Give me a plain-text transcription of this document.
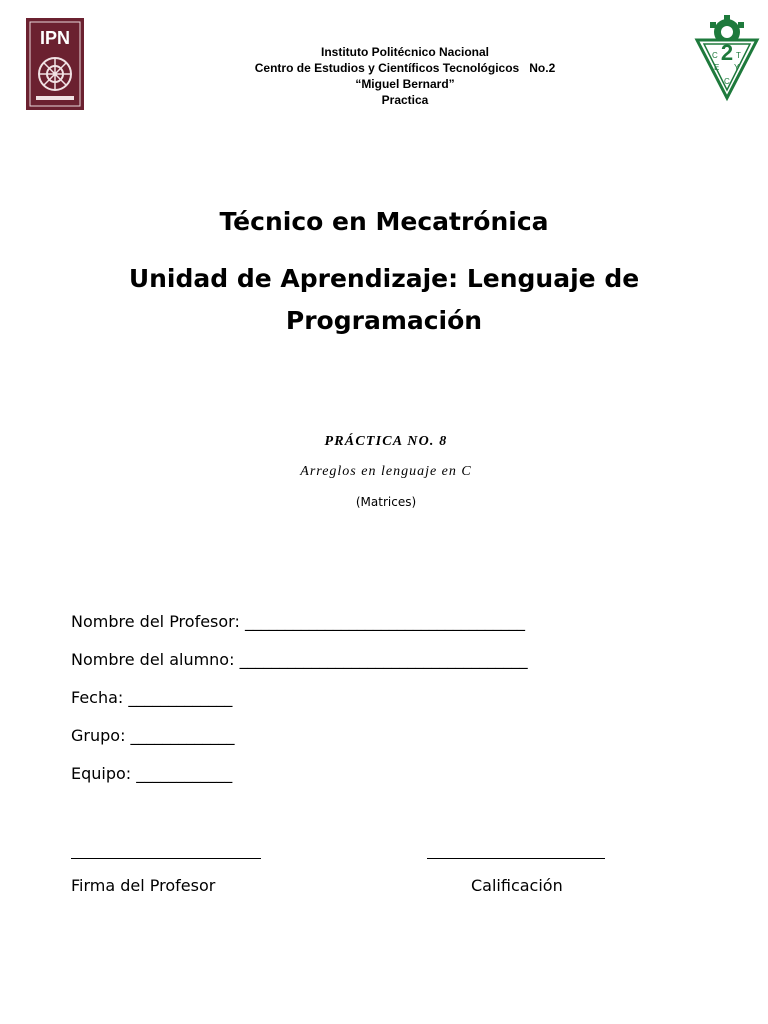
IPN
Instituto Politécnico Nacional
Centro de Estudios y Científicos Tecnológicos   No.2
“Miguel Bernard”
Practica
2
C
E
T
Y
C
Técnico en Mecatrónica
Unidad de Aprendizaje: Lenguaje de
Programación
PRÁCTICA NO. 8
Arreglos en lenguaje en C
(Matrices)
Nombre del Profesor: ___________________________________
Nombre del alumno: ____________________________________
Fecha: _____________
Grupo: _____________
Equipo: ____________
Firma del Profesor	Calificación
